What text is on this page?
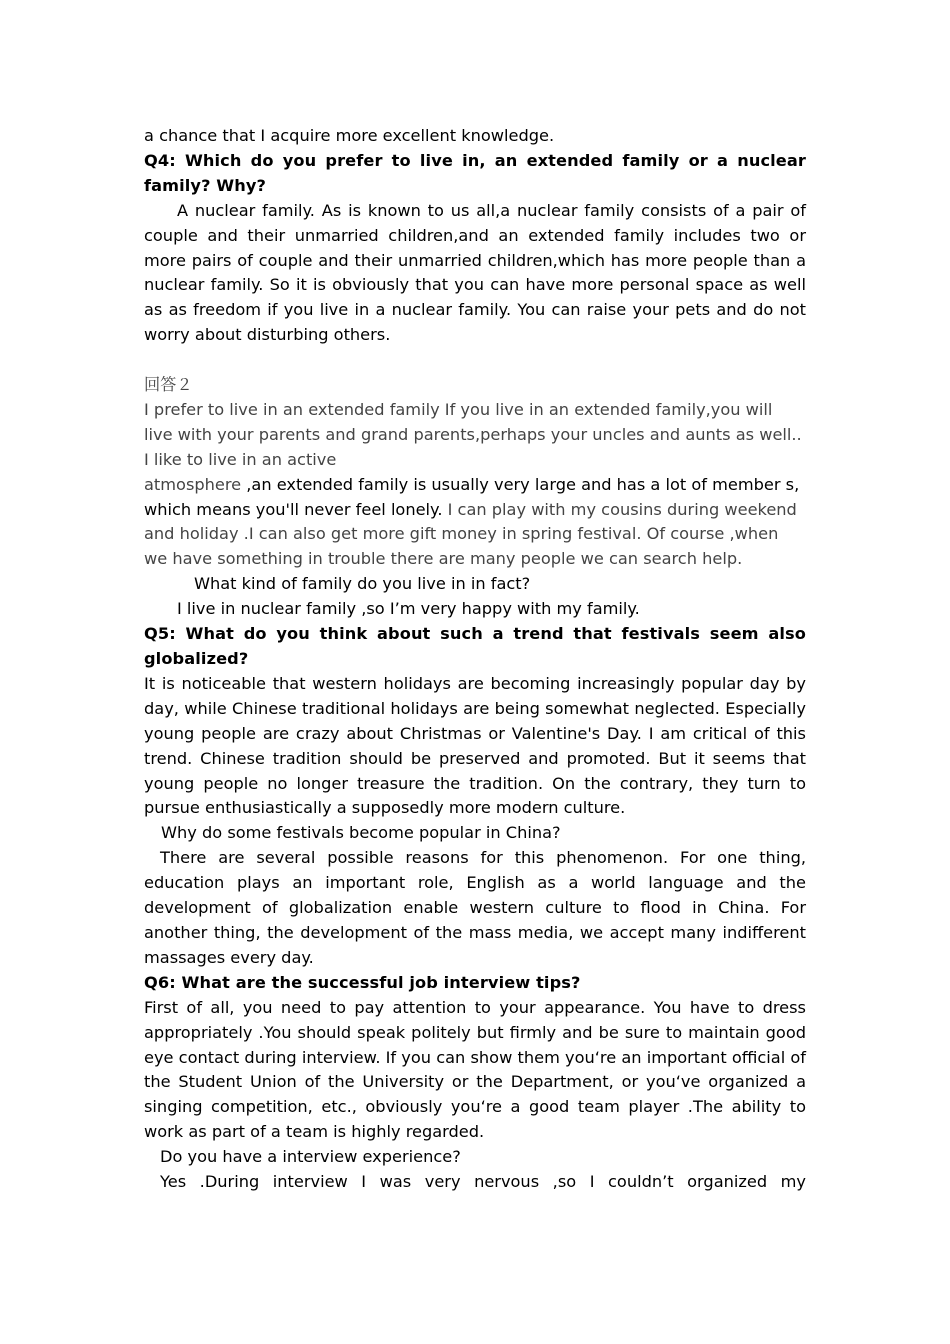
a chance that I acquire more excellent knowledge.

Q4: Which do you prefer to live in, an extended family or a nuclear family? Why?

A nuclear family. As is known to us all,a nuclear family consists of a pair of couple and their unmarried children,and an extended family includes two or more pairs of couple and their unmarried children,which has more people than a nuclear family. So it is obviously that you can have more personal space as well as as freedom if you live in a nuclear family. You can raise your pets and do not worry about disturbing others.

回答２

I prefer to live in an extended family If you live in an extended family,you will live with your parents and grand parents,perhaps your uncles and aunts as well.. I like to live in an active
atmosphere ,an extended family is usually very large and has a lot of member s, which means you'll never feel lonely. I can play with my cousins during weekend and holiday .I can also get more gift money in spring festival. Of course ,when we have something in trouble there are many people we can search help.

What kind of family do you live in in fact?

I live in nuclear family ,so I’m very happy with my family.

Q5: What do you think about such a trend that festivals seem also globalized?

It is noticeable that western holidays are becoming increasingly popular day by day, while Chinese traditional holidays are being somewhat neglected. Especially young people are crazy about Christmas or Valentine's Day. I am critical of this trend. Chinese tradition should be preserved and promoted. But it seems that young people no longer treasure the tradition. On the contrary, they turn to pursue enthusiastically a supposedly more modern culture.

Why do some festivals become popular in China?

There are several possible reasons for this phenomenon. For one thing, education plays an important role, English as a world language and the development of globalization enable western culture to flood in China. For another thing, the development of the mass media, we accept many indifferent massages every day.

Q6: What are the successful job interview tips?

First of all, you need to pay attention to your appearance. You have to dress appropriately .You should speak politely but firmly and be sure to maintain good eye contact during interview. If you can show them you‘re an important official of the Student Union of the University or the Department, or you‘ve organized a singing competition, etc., obviously you‘re a good team player .The ability to work as part of a team is highly regarded.

Do you have a interview experience?

Yes .During interview I was very nervous ,so I couldn’t organized my
